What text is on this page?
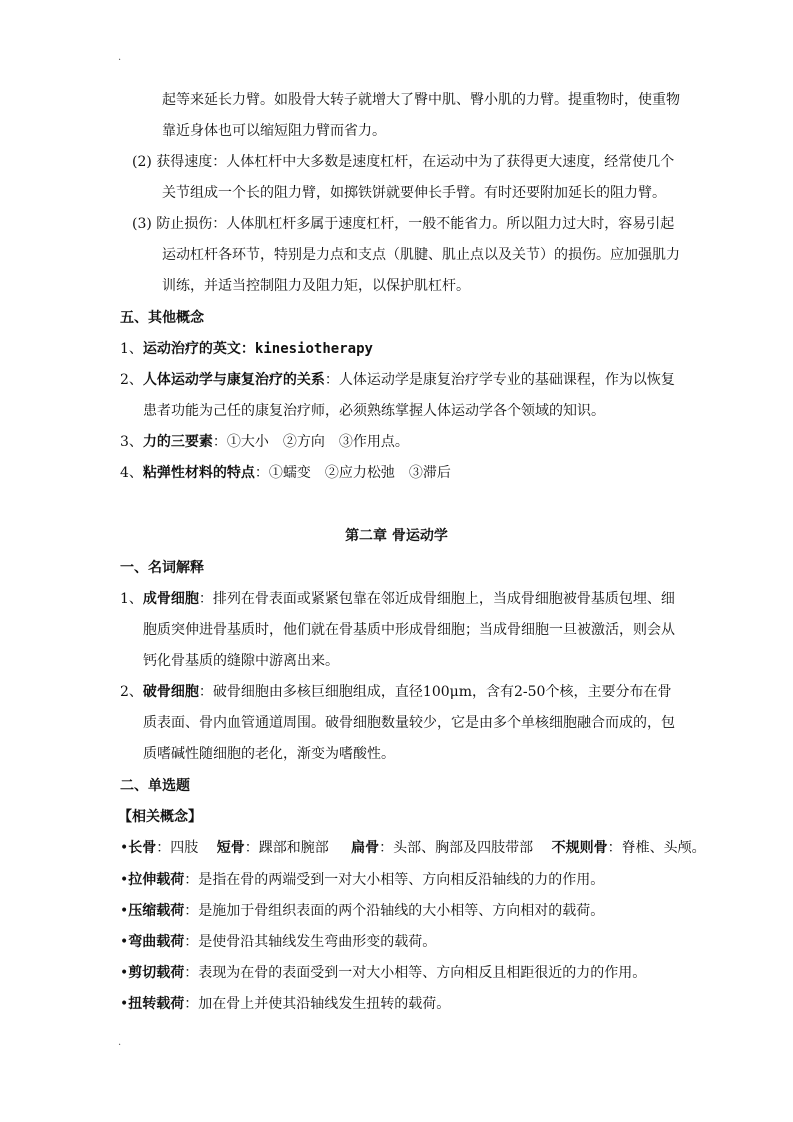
.
起等来延长力臂。如股骨大转子就增大了臀中肌、臀小肌的力臂。提重物时，使重物
靠近身体也可以缩短阻力臂而省力。
(2) 获得速度：人体杠杆中大多数是速度杠杆，在运动中为了获得更大速度，经常使几个
关节组成一个长的阻力臂，如掷铁饼就要伸长手臂。有时还要附加延长的阻力臂。
(3) 防止损伤：人体肌杠杆多属于速度杠杆，一般不能省力。所以阻力过大时，容易引起
运动杠杆各环节，特别是力点和支点（肌腱、肌止点以及关节）的损伤。应加强肌力
训练，并适当控制阻力及阻力矩，以保护肌杠杆。
五、其他概念
1、运动治疗的英文：kinesiotherapy
2、人体运动学与康复治疗的关系：人体运动学是康复治疗学专业的基础课程，作为以恢复
患者功能为己任的康复治疗师，必须熟练掌握人体运动学各个领域的知识。
3、力的三要素：①大小　②方向　③作用点。
4、粘弹性材料的特点：①蠕变　②应力松弛　③滞后
第二章 骨运动学
一、名词解释
1、成骨细胞：排列在骨表面或紧紧包靠在邻近成骨细胞上，当成骨细胞被骨基质包埋、细
胞质突伸进骨基质时，他们就在骨基质中形成骨细胞；当成骨细胞一旦被激活，则会从
钙化骨基质的缝隙中游离出来。
2、破骨细胞：破骨细胞由多核巨细胞组成，直径100μm，含有2-50个核，主要分布在骨
质表面、骨内血管通道周围。破骨细胞数量较少，它是由多个单核细胞融合而成的，包
质嗜碱性随细胞的老化，渐变为嗜酸性。
二、单选题
【相关概念】
•长骨：四肢 短骨：踝部和腕部 扁骨：头部、胸部及四肢带部 不规则骨：脊椎、头颅。
•拉伸载荷：是指在骨的两端受到一对大小相等、方向相反沿轴线的力的作用。
•压缩载荷：是施加于骨组织表面的两个沿轴线的大小相等、方向相对的载荷。
•弯曲载荷：是使骨沿其轴线发生弯曲形变的载荷。
•剪切载荷：表现为在骨的表面受到一对大小相等、方向相反且相距很近的力的作用。
•扭转载荷：加在骨上并使其沿轴线发生扭转的载荷。
.
